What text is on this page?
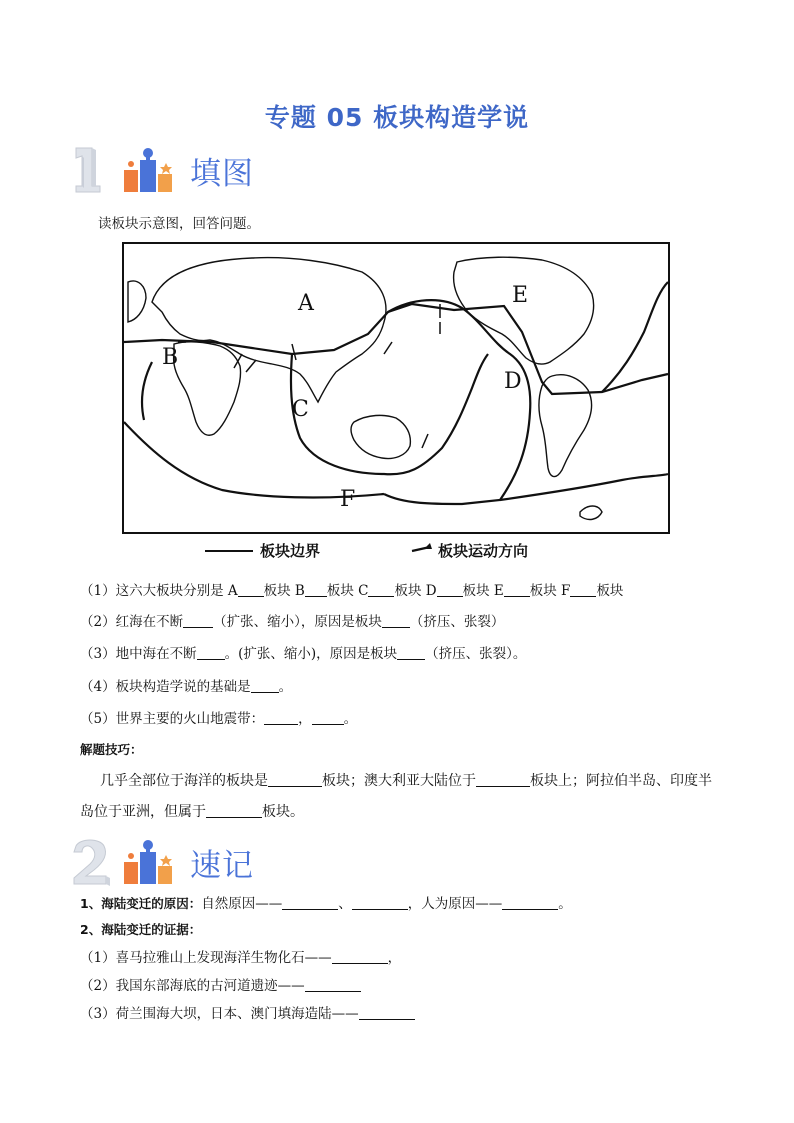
专题 05 板块构造学说
填图
读板块示意图，回答问题。
A
B
C
D
E
F
板块边界	板块运动方向
（1）这六大板块分别是 A 板块 B 板块 C 板块 D 板块 E 板块 F 板块
（2）红海在不断 （扩张、缩小），原因是板块 （挤压、张裂）
（3）地中海在不断 。(扩张、缩小)，原因是板块 （挤压、张裂）。
（4）板块构造学说的基础是 。
（5）世界主要的火山地震带：	， 。
解题技巧：
几乎全部位于海洋的板块是	板块；澳大利亚大陆位于	板块上；阿拉伯半岛、印度半
岛位于亚洲，但属于	板块。
速记
1、海陆变迁的原因：自然原因——	、	，人为原因——	。
2、海陆变迁的证据：
（1）喜马拉雅山上发现海洋生物化石——	，
（2）我国东部海底的古河道遗迹——
（3）荷兰围海大坝，日本、澳门填海造陆——
